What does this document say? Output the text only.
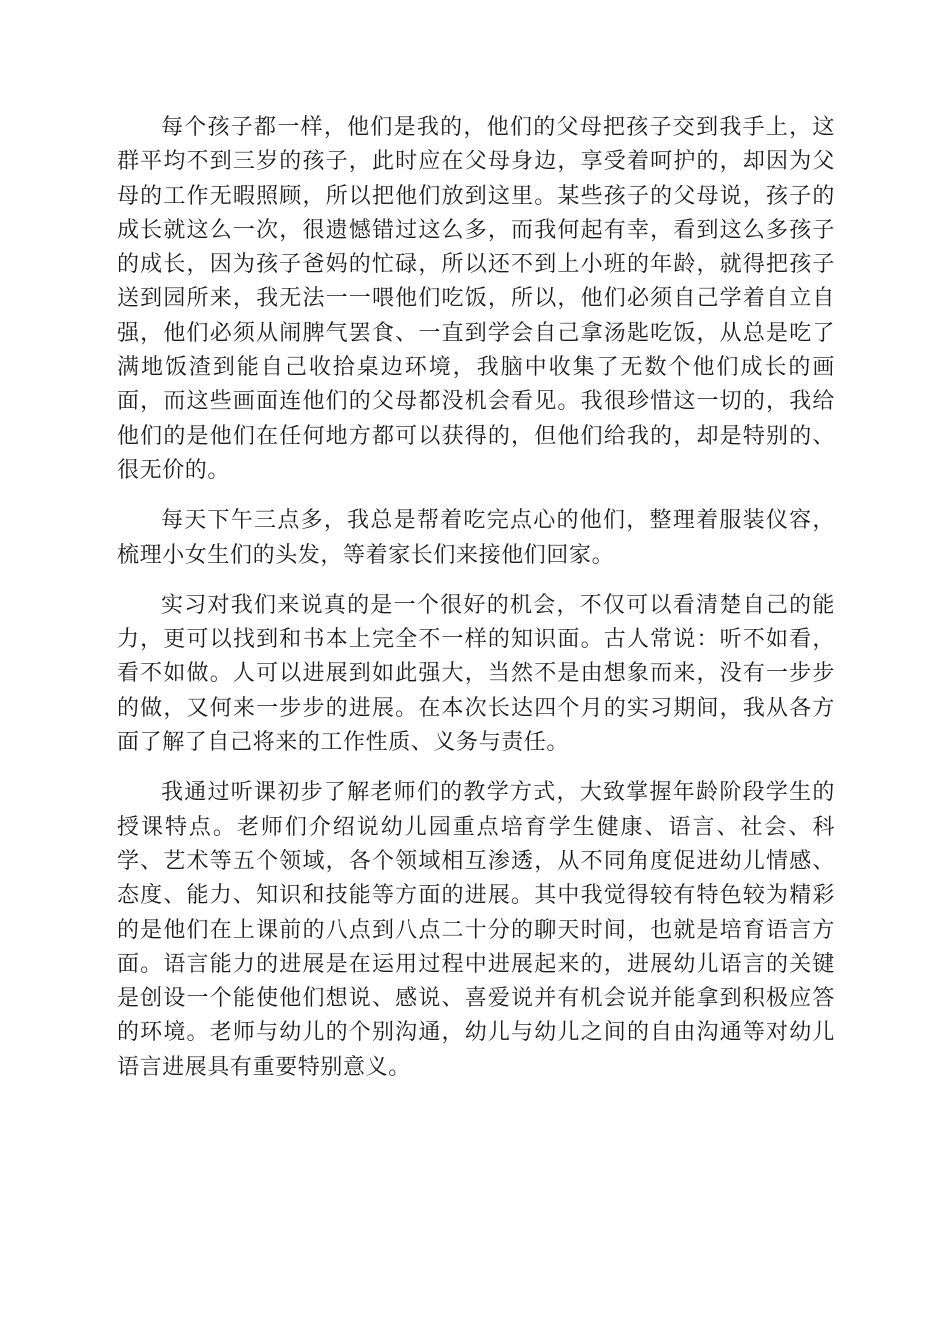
每个孩子都一样，他们是我的，他们的父母把孩子交到我手上，这群平均不到三岁的孩子，此时应在父母身边，享受着呵护的，却因为父母的工作无暇照顾，所以把他们放到这里。某些孩子的父母说，孩子的成长就这么一次，很遗憾错过这么多，而我何起有幸，看到这么多孩子的成长，因为孩子爸妈的忙碌，所以还不到上小班的年龄，就得把孩子送到园所来，我无法一一喂他们吃饭，所以，他们必须自己学着自立自强，他们必须从闹脾气罢食、一直到学会自己拿汤匙吃饭，从总是吃了满地饭渣到能自己收拾桌边环境，我脑中收集了无数个他们成长的画面，而这些画面连他们的父母都没机会看见。我很珍惜这一切的，我给他们的是他们在任何地方都可以获得的，但他们给我的，却是特别的、很无价的。

每天下午三点多，我总是帮着吃完点心的他们，整理着服装仪容，梳理小女生们的头发，等着家长们来接他们回家。

实习对我们来说真的是一个很好的机会，不仅可以看清楚自己的能力，更可以找到和书本上完全不一样的知识面。古人常说：听不如看，看不如做。人可以进展到如此强大，当然不是由想象而来，没有一步步的做，又何来一步步的进展。在本次长达四个月的实习期间，我从各方面了解了自己将来的工作性质、义务与责任。

我通过听课初步了解老师们的教学方式，大致掌握年龄阶段学生的授课特点。老师们介绍说幼儿园重点培育学生健康、语言、社会、科学、艺术等五个领域，各个领域相互渗透，从不同角度促进幼儿情感、态度、能力、知识和技能等方面的进展。其中我觉得较有特色较为精彩的是他们在上课前的八点到八点二十分的聊天时间，也就是培育语言方面。语言能力的进展是在运用过程中进展起来的，进展幼儿语言的关键是创设一个能使他们想说、感说、喜爱说并有机会说并能拿到积极应答的环境。老师与幼儿的个别沟通，幼儿与幼儿之间的自由沟通等对幼儿语言进展具有重要特别意义。
